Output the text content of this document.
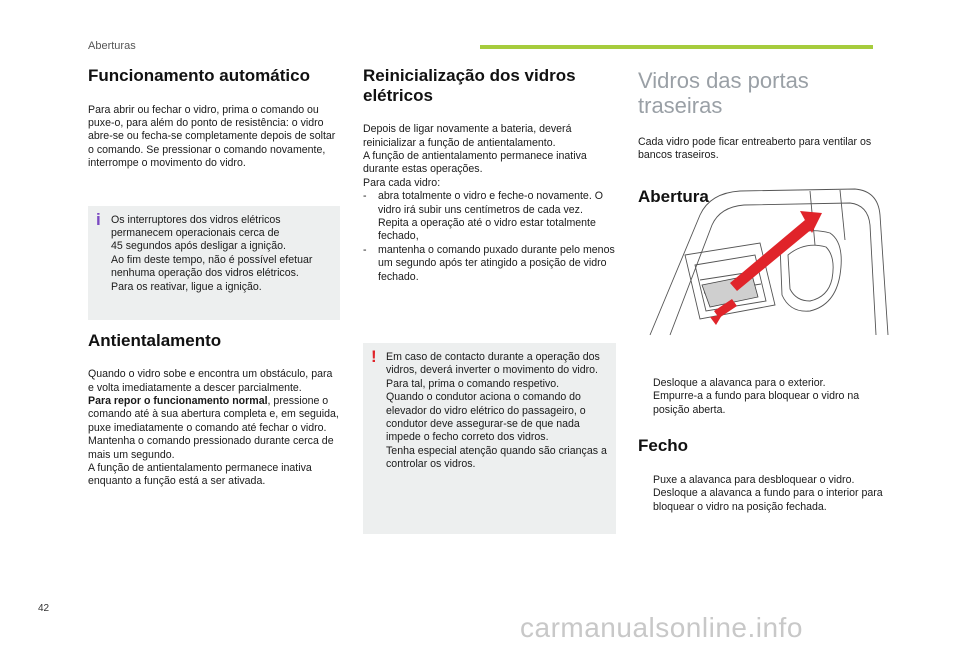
Aberturas
Funcionamento automático

Para abrir ou fechar o vidro, prima o comando ou puxe-o, para além do ponto de resistência: o vidro abre-se ou fecha-se completamente depois de soltar o comando. Se pressionar o comando novamente, interrompe o movimento do vidro.

i Os interruptores dos vidros elétricos

permanecem operacionais cerca de

45 segundos após desligar a ignição.

Ao fim deste tempo, não é possível efetuar

nenhuma operação dos vidros elétricos.

Para os reativar, ligue a ignição.

Antientalamento

Quando o vidro sobe e encontra um obstáculo, para e volta imediatamente a descer parcialmente.
Para repor o funcionamento normal, pressione o comando até à sua abertura completa e, em seguida, puxe imediatamente o comando até fechar o vidro. Mantenha o comando pressionado durante cerca de mais um segundo.
A função de antientalamento permanece inativa enquanto a função está a ser ativada.

Reinicialização dos vidros elétricos

Depois de ligar novamente a bateria, deverá reinicializar a função de antientalamento.

A função de antientalamento permanece inativa durante estas operações.

Para cada vidro:

- abra totalmente o vidro e feche-o novamente. O vidro irá subir uns centímetros de cada vez. Repita a operação até o vidro estar totalmente fechado,
- mantenha o comando puxado durante pelo menos um segundo após ter atingido a posição de vidro fechado.
! Em caso de contacto durante a operação dos vidros, deverá inverter o movimento do vidro. Para tal, prima o comando respetivo.

Quando o condutor aciona o comando do elevador do vidro elétrico do passageiro, o condutor deve assegurar-se de que nada impede o fecho correto dos vidros.

Tenha especial atenção quando são crianças a controlar os vidros.

Vidros das portas traseiras

Cada vidro pode ficar entreaberto para ventilar os bancos traseiros.

Abertura
Desloque a alavanca para o exterior.
Empurre-a a fundo para bloquear o vidro na posição aberta.
Fecho
Puxe a alavanca para desbloquear o vidro.
Desloque a alavanca a fundo para o interior para bloquear o vidro na posição fechada.
42
carmanualsonline.info
